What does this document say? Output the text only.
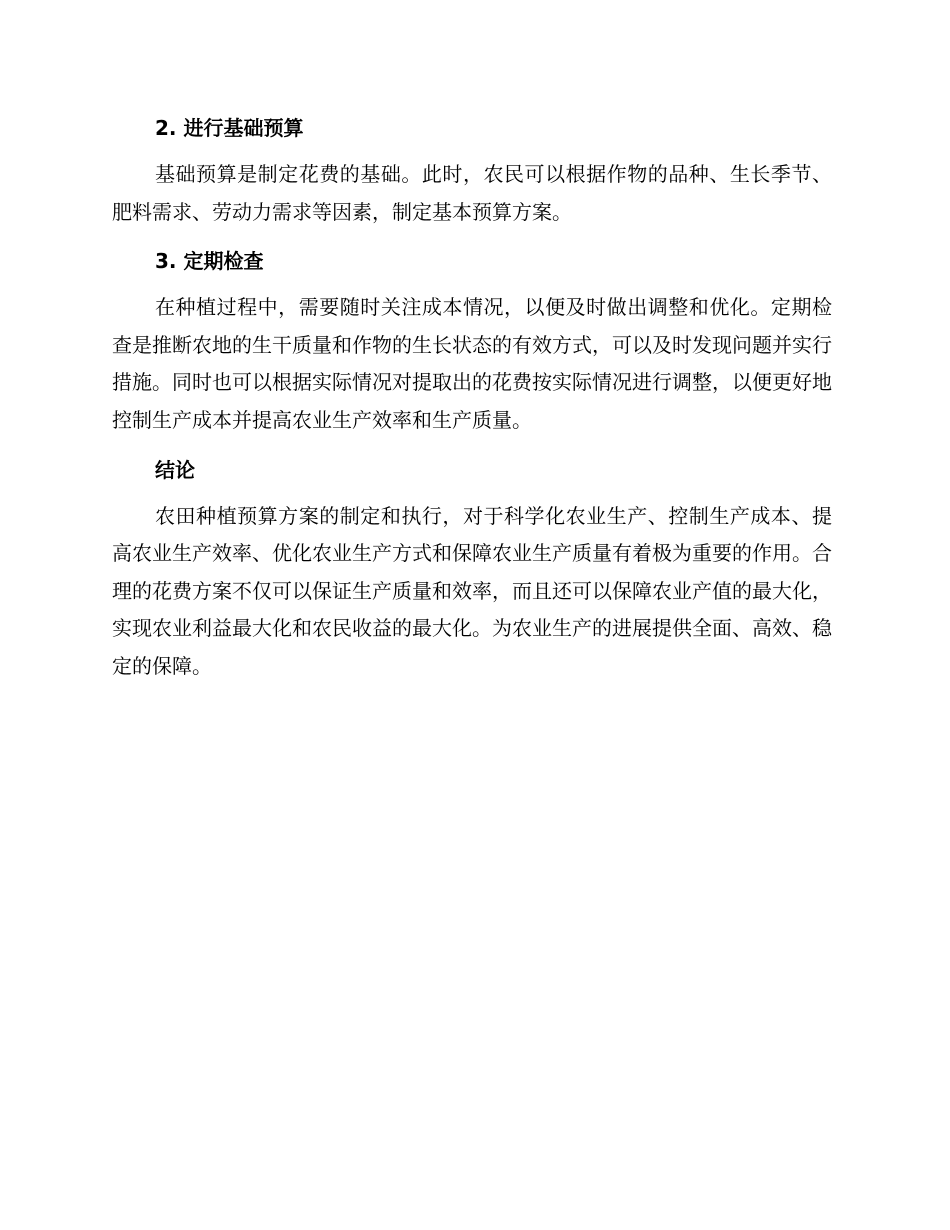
2. 进行基础预算

基础预算是制定花费的基础。此时，农民可以根据作物的品种、生长季节、肥料需求、劳动力需求等因素，制定基本预算方案。

3. 定期检查

在种植过程中，需要随时关注成本情况，以便及时做出调整和优化。定期检查是推断农地的生干质量和作物的生长状态的有效方式，可以及时发现问题并实行措施。同时也可以根据实际情况对提取出的花费按实际情况进行调整，以便更好地控制生产成本并提高农业生产效率和生产质量。

结论

农田种植预算方案的制定和执行，对于科学化农业生产、控制生产成本、提高农业生产效率、优化农业生产方式和保障农业生产质量有着极为重要的作用。合理的花费方案不仅可以保证生产质量和效率，而且还可以保障农业产值的最大化，实现农业利益最大化和农民收益的最大化。为农业生产的进展提供全面、高效、稳定的保障。
